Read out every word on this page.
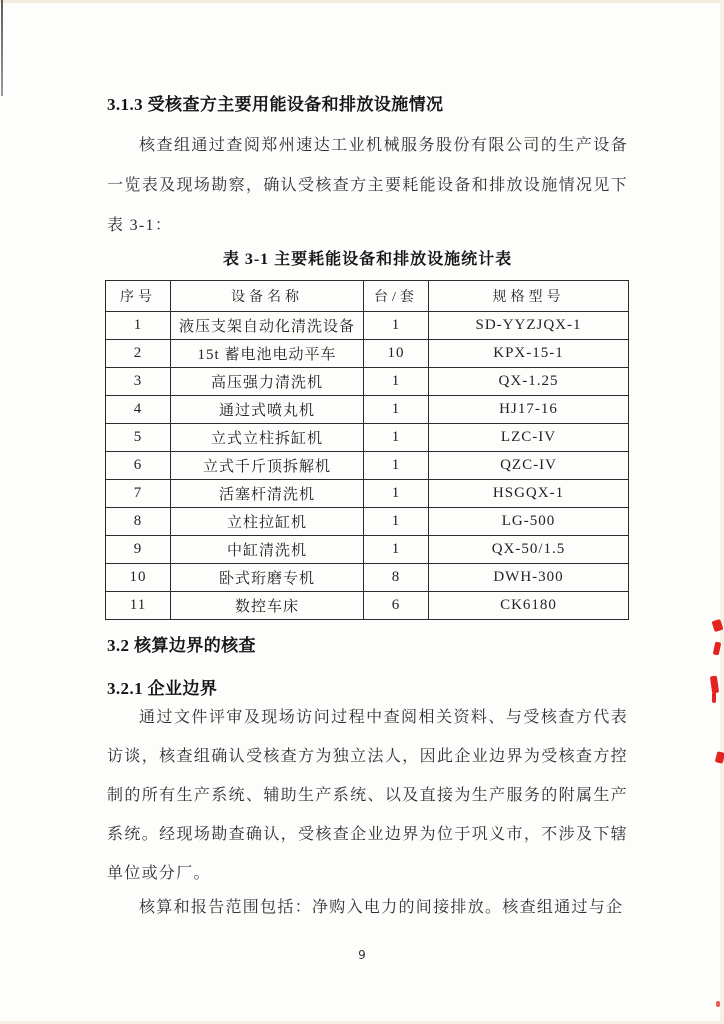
3.1.3 受核查方主要用能设备和排放设施情况

核查组通过查阅郑州速达工业机械服务股份有限公司的生产设备一览表及现场勘察，确认受核查方主要耗能设备和排放设施情况见下表 3-1：

表 3-1 主要耗能设备和排放设施统计表
序号	设备名称	台/套	规格型号
1	液压支架自动化清洗设备	1	SD-YYZJQX-1
2	15t 蓄电池电动平车	10	KPX-15-1
3	高压强力清洗机	1	QX-1.25
4	通过式喷丸机	1	HJ17-16
5	立式立柱拆缸机	1	LZC-IV
6	立式千斤顶拆解机	1	QZC-IV
7	活塞杆清洗机	1	HSGQX-1
8	立柱拉缸机	1	LG-500
9	中缸清洗机	1	QX-50/1.5
10	卧式珩磨专机	8	DWH-300
11	数控车床	6	CK6180
3.2 核算边界的核查
3.2.1 企业边界

通过文件评审及现场访问过程中查阅相关资料、与受核查方代表访谈，核查组确认受核查方为独立法人，因此企业边界为受核查方控制的所有生产系统、辅助生产系统、以及直接为生产服务的附属生产系统。经现场勘查确认，受核查企业边界为位于巩义市，不涉及下辖单位或分厂。

核算和报告范围包括：净购入电力的间接排放。核查组通过与企

9
